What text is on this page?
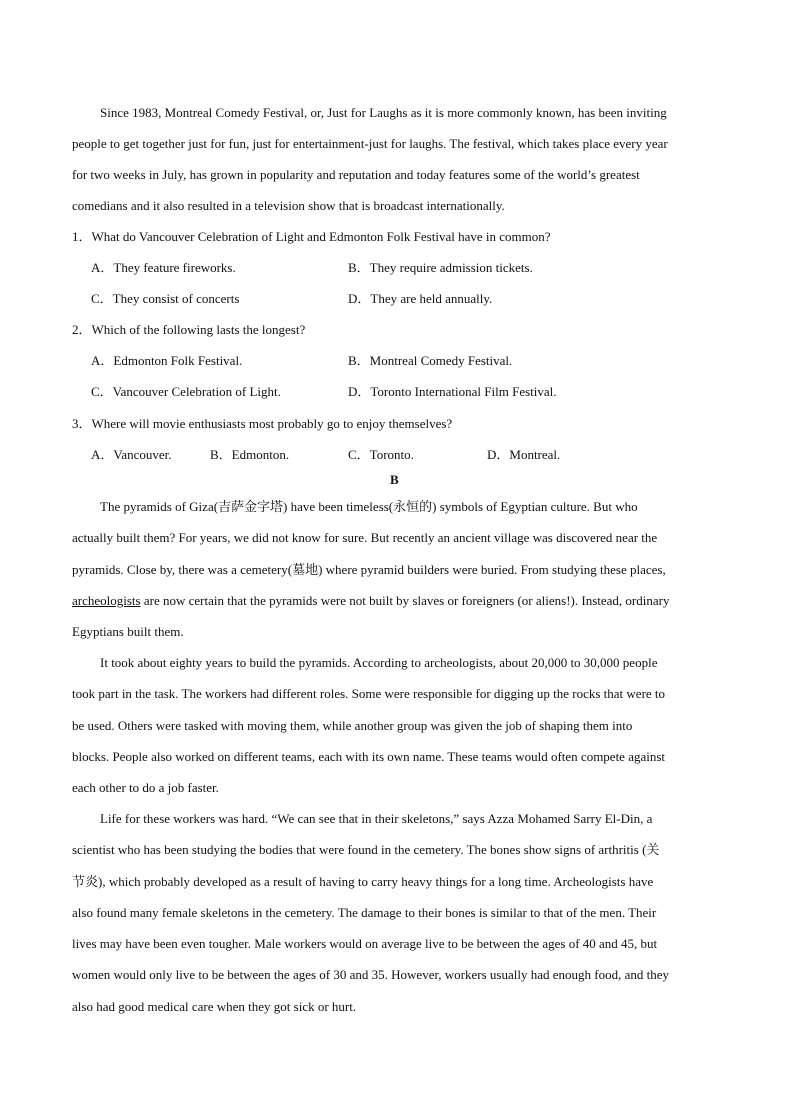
Since 1983, Montreal Comedy Festival, or, Just for Laughs as it is more commonly known, has been inviting
people to get together just for fun, just for entertainment-just for laughs. The festival, which takes place every year
for two weeks in July, has grown in popularity and reputation and today features some of the world’s greatest
comedians and it also resulted in a television show that is broadcast internationally.
1．What do Vancouver Celebration of Light and Edmonton Folk Festival have in common?
A．They feature fireworks.	B．They require admission tickets.
C．They consist of concerts	D．They are held annually.
2．Which of the following lasts the longest?
A．Edmonton Folk Festival.	B．Montreal Comedy Festival.
C．Vancouver Celebration of Light.	D．Toronto International Film Festival.
3．Where will movie enthusiasts most probably go to enjoy themselves?
A．Vancouver.	B．Edmonton.	C．Toronto.	D．Montreal.
B
The pyramids of Giza(吉萨金字塔) have been timeless(永恒的) symbols of Egyptian culture. But who
actually built them? For years, we did not know for sure. But recently an ancient village was discovered near the
pyramids. Close by, there was a cemetery(墓地) where pyramid builders were buried. From studying these places,
archeologists are now certain that the pyramids were not built by slaves or foreigners (or aliens!). Instead, ordinary
Egyptians built them.
It took about eighty years to build the pyramids. According to archeologists, about 20,000 to 30,000 people
took part in the task. The workers had different roles. Some were responsible for digging up the rocks that were to
be used. Others were tasked with moving them, while another group was given the job of shaping them into
blocks. People also worked on different teams, each with its own name. These teams would often compete against
each other to do a job faster.
Life for these workers was hard. “We can see that in their skeletons,” says Azza Mohamed Sarry El-Din, a
scientist who has been studying the bodies that were found in the cemetery. The bones show signs of arthritis (关
节炎), which probably developed as a result of having to carry heavy things for a long time. Archeologists have
also found many female skeletons in the cemetery. The damage to their bones is similar to that of the men. Their
lives may have been even tougher. Male workers would on average live to be between the ages of 40 and 45, but
women would only live to be between the ages of 30 and 35. However, workers usually had enough food, and they
also had good medical care when they got sick or hurt.
